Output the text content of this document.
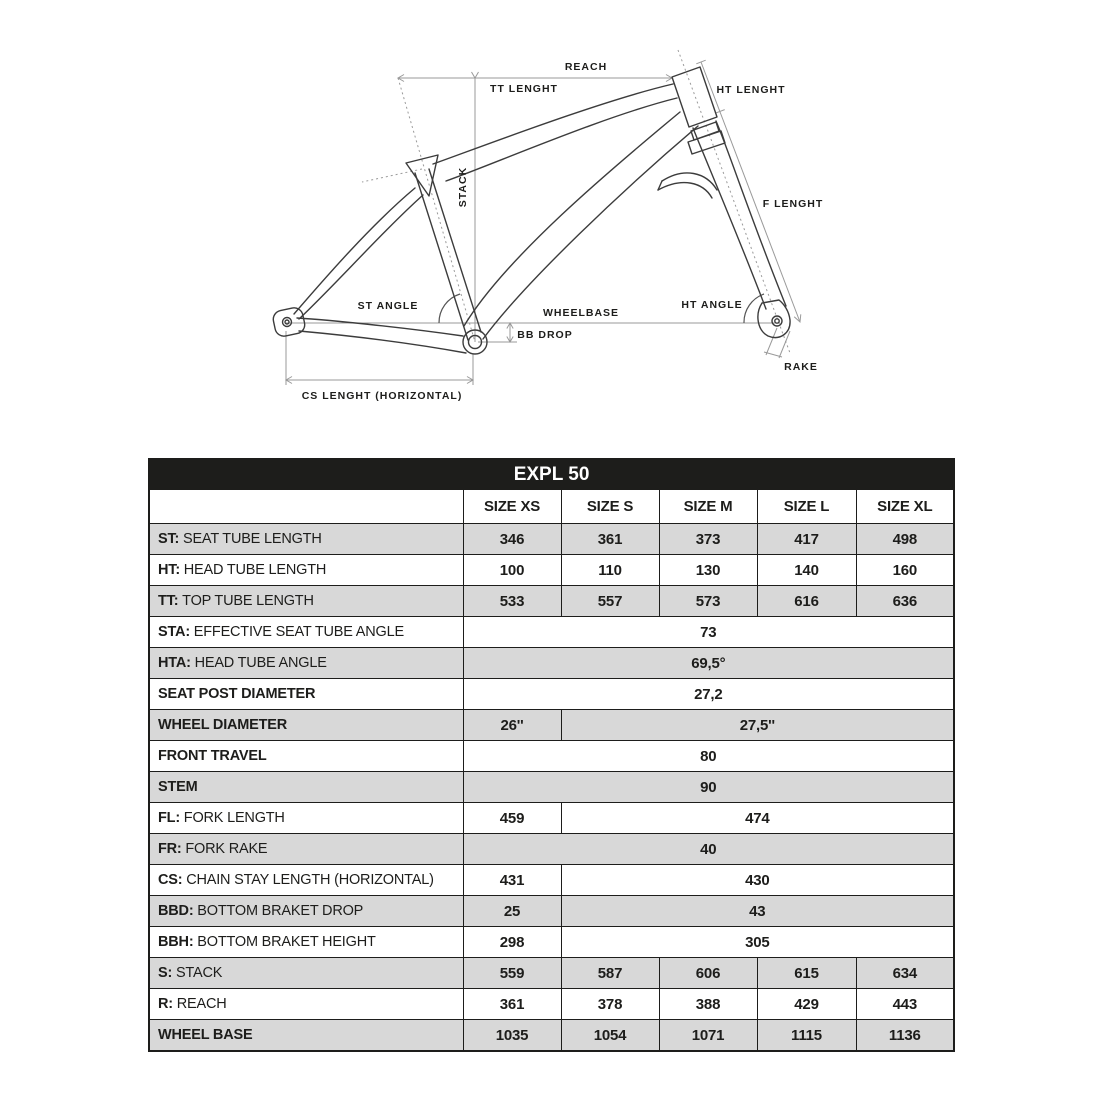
REACH
TT LENGHT	HT LENGHT
STACK	F LENGHT
ST ANGLE
WHEELBASE
BB DROP
HT ANGLE
RAKE
CS LENGHT (HORIZONTAL)
EXPL 50					
	SIZE XS	SIZE S	SIZE M	SIZE L	SIZE XL
ST: SEAT TUBE LENGTH	346	361	373	417	498
HT: HEAD TUBE LENGTH	100	110	130	140	160
TT: TOP TUBE LENGTH	533	557	573	616	636
STA: EFFECTIVE SEAT TUBE ANGLE	73				
HTA: HEAD TUBE ANGLE	69,5°				
SEAT POST DIAMETER	27,2				
WHEEL DIAMETER	26''	27,5''			
FRONT TRAVEL	80				
STEM	90				
FL: FORK LENGTH	459	474			
FR: FORK RAKE	40				
CS: CHAIN STAY LENGTH (HORIZONTAL)	431	430			
BBD: BOTTOM BRAKET DROP	25	43			
BBH: BOTTOM BRAKET HEIGHT	298	305			
S: STACK	559	587	606	615	634
R: REACH	361	378	388	429	443
WHEEL BASE	1035	1054	1071	1115	1136
